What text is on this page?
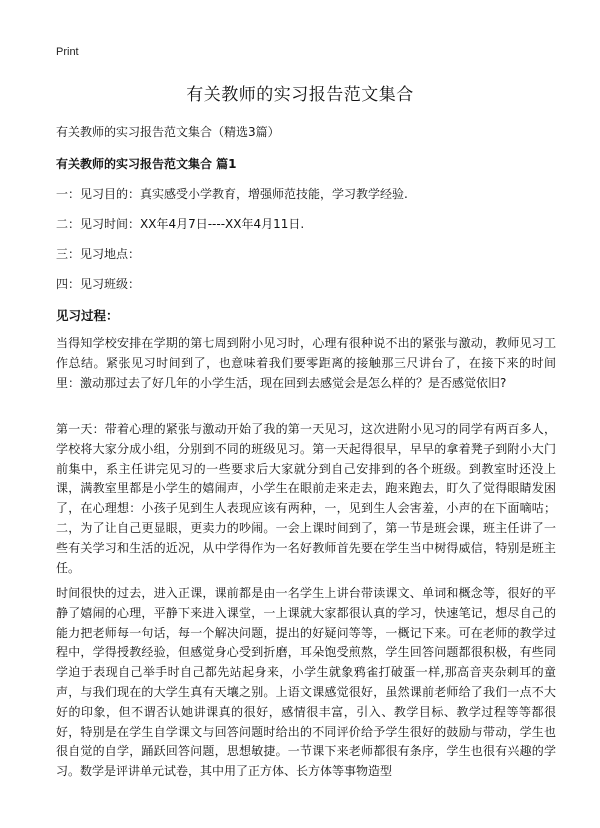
Print
有关教师的实习报告范文集合
有关教师的实习报告范文集合（精选3篇）
有关教师的实习报告范文集合 篇1
一：见习目的：真实感受小学教育，增强师范技能，学习教学经验.
二：见习时间：XX年4月7日----XX年4月11日.
三：见习地点：
四：见习班级：
见习过程：

当得知学校安排在学期的第七周到附小见习时，心理有很种说不出的紧张与激动，教师见习工作总结。紧张见习时间到了，也意味着我们要零距离的接触那三尺讲台了，在接下来的时间里：激动那过去了好几年的小学生活，现在回到去感觉会是怎么样的？是否感觉依旧?

第一天：带着心理的紧张与激动开始了我的第一天见习，这次进附小见习的同学有两百多人，学校将大家分成小组，分别到不同的班级见习。第一天起得很早，早早的拿着凳子到附小大门前集中，系主任讲完见习的一些要求后大家就分到自己安排到的各个班级。到教室时还没上课，满教室里都是小学生的嬉闹声，小学生在眼前走来走去，跑来跑去，盯久了觉得眼睛发困了，在心理想：小孩子见到生人表现应该有两种，一，见到生人会害羞，小声的在下面嘀咕；二，为了让自己更显眼，更卖力的吵闹。一会上课时间到了，第一节是班会课，班主任讲了一些有关学习和生活的近况，从中学得作为一名好教师首先要在学生当中树得威信，特别是班主任。

时间很快的过去，进入正课，课前都是由一名学生上讲台带读课文、单词和概念等，很好的平静了嬉闹的心理，平静下来进入课堂，一上课就大家都很认真的学习，快速笔记，想尽自己的能力把老师每一句话，每一个解决问题，提出的好疑问等等，一概记下来。可在老师的教学过程中，学得授教经验，但感觉身心受到折磨，耳朵饱受煎熬，学生回答问题都很积极，有些同学迫于表现自己举手时自己都先站起身来，小学生就象鸦雀打破蛋一样,那高音夹杂刺耳的童声，与我们现在的大学生真有天壤之别。上语文课感觉很好，虽然课前老师给了我们一点不大好的印象，但不谓否认她讲课真的很好，感情很丰富，引入、教学目标、教学过程等等都很好，特别是在学生自学课文与回答问题时给出的不同评价给予学生很好的鼓励与带动，学生也很自觉的自学，踊跃回答问题，思想敏捷。一节课下来老师都很有条序，学生也很有兴趣的学习。数学是评讲单元试卷，其中用了正方体、长方体等事物造型
